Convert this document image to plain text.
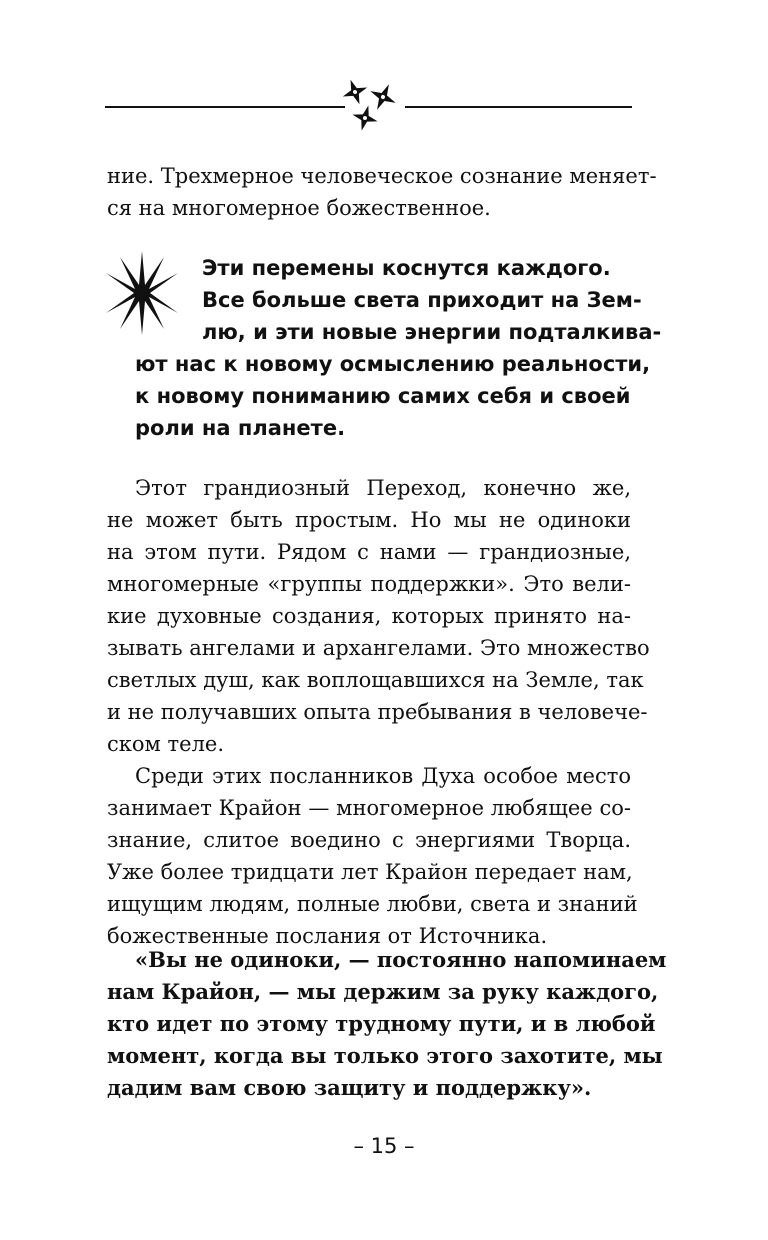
ние. Трехмерное человеческое сознание меняет-
ся на многомерное божественное.
Эти перемены коснутся каждого.
Все больше света приходит на Зем-
лю, и эти новые энергии подталкива-
ют нас к новому осмыслению реальности,
к новому пониманию самих себя и своей
роли на планете.
Этот грандиозный Переход, конечно же,
не может быть простым. Но мы не одиноки
на этом пути. Рядом с нами — грандиозные,
многомерные «группы поддержки». Это вели-
кие духовные создания, которых принято на-
зывать ангелами и архангелами. Это множество
светлых душ, как воплощавшихся на Земле, так
и не получавших опыта пребывания в человече-
ском теле.
Среди этих посланников Духа особое место
занимает Крайон — многомерное любящее со-
знание, слитое воедино с энергиями Творца.
Уже более тридцати лет Крайон передает нам,
ищущим людям, полные любви, света и знаний
божественные послания от Источника.
«Вы не одиноки, — постоянно напоминаем
нам Крайон, — мы держим за руку каждого,
кто идет по этому трудному пути, и в любой
момент, когда вы только этого захотите, мы
дадим вам свою защиту и поддержку».
– 15 –
